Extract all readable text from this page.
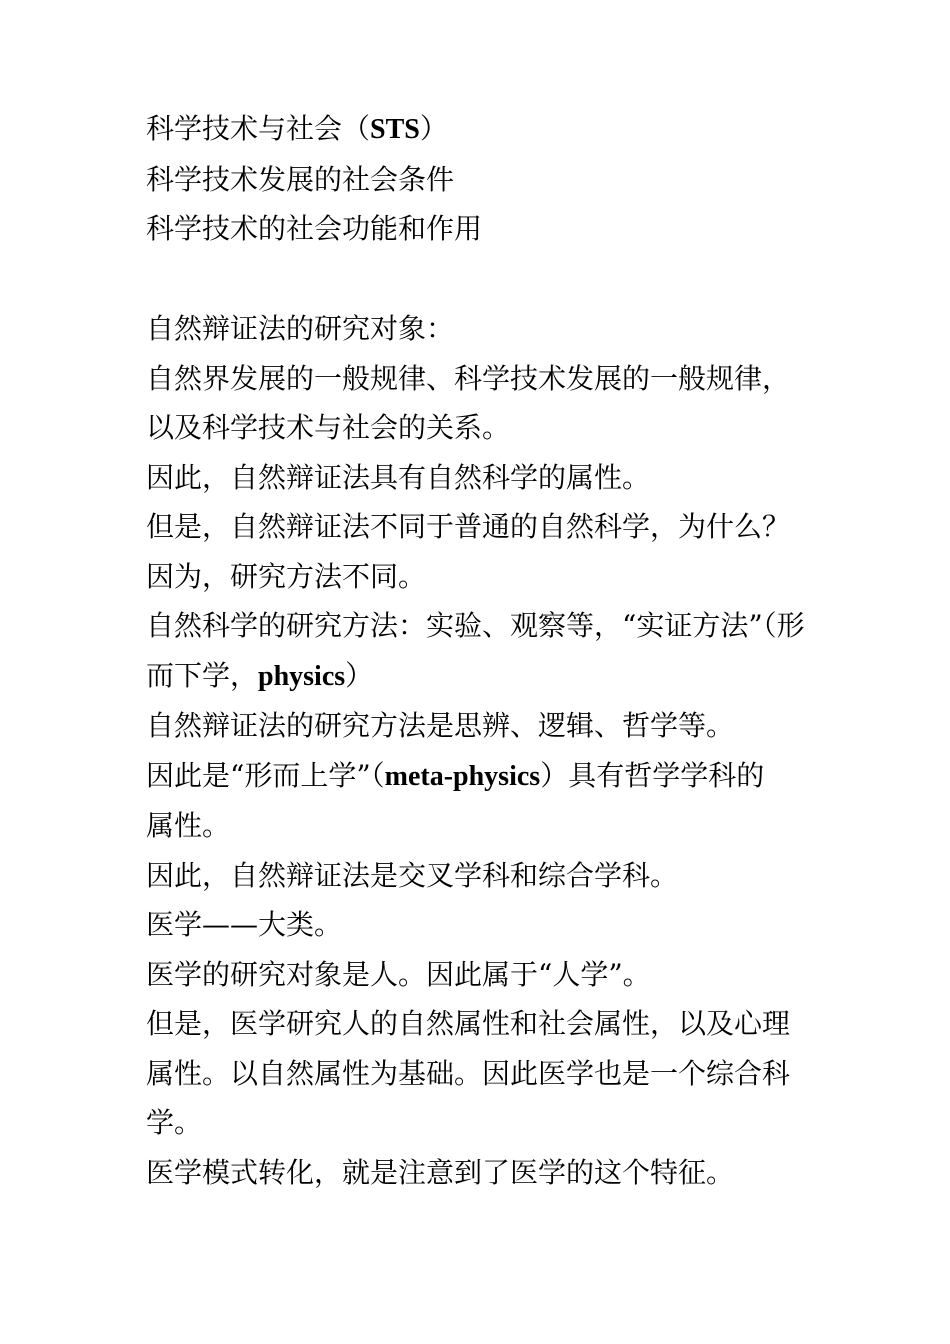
科学技术与社会（STS）

科学技术发展的社会条件

科学技术的社会功能和作用

自然辩证法的研究对象：

自然界发展的一般规律、科学技术发展的一般规律，

以及科学技术与社会的关系。

因此，自然辩证法具有自然科学的属性。

但是，自然辩证法不同于普通的自然科学，为什么？

因为，研究方法不同。

自然科学的研究方法：实验、观察等，“实证方法”（形

而下学，physics）

自然辩证法的研究方法是思辨、逻辑、哲学等。

因此是“形而上学”（meta-physics）具有哲学学科的

属性。

因此，自然辩证法是交叉学科和综合学科。

医学——大类。

医学的研究对象是人。因此属于“人学”。

但是，医学研究人的自然属性和社会属性，以及心理

属性。以自然属性为基础。因此医学也是一个综合科

学。

医学模式转化，就是注意到了医学的这个特征。
